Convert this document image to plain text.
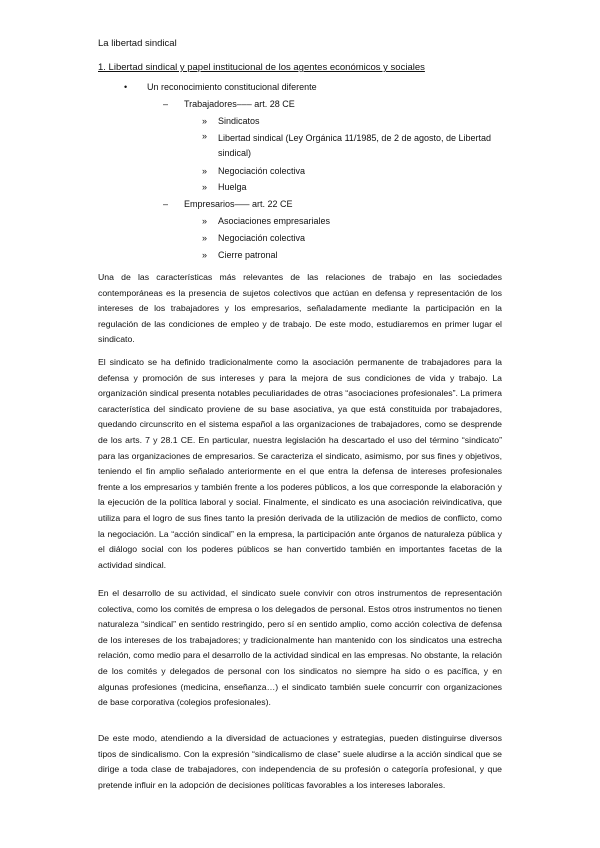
La libertad sindical
1. Libertad sindical y papel institucional de los agentes económicos y sociales
• Un reconocimiento constitucional diferente
– Trabajadores––– art. 28 CE
» Sindicatos
» Libertad sindical (Ley Orgánica 11/1985, de 2 de agosto, de Libertad sindical)
» Negociación colectiva
» Huelga
– Empresarios––– art. 22 CE
» Asociaciones empresariales
» Negociación colectiva
» Cierre patronal

Una de las características más relevantes de las relaciones de trabajo en las sociedades contemporáneas es la presencia de sujetos colectivos que actúan en defensa y representación de los intereses de los trabajadores y los empresarios, señaladamente mediante la participación en la regulación de las condiciones de empleo y de trabajo. De este modo, estudiaremos en primer lugar el sindicato.

El sindicato se ha definido tradicionalmente como la asociación permanente de trabajadores para la defensa y promoción de sus intereses y para la mejora de sus condiciones de vida y trabajo. La organización sindical presenta notables peculiaridades de otras “asociaciones profesionales”. La primera característica del sindicato proviene de su base asociativa, ya que está constituida por trabajadores, quedando circunscrito en el sistema español a las organizaciones de trabajadores, como se desprende de los arts. 7 y 28.1 CE. En particular, nuestra legislación ha descartado el uso del término “sindicato” para las organizaciones de empresarios. Se caracteriza el sindicato, asimismo, por sus fines y objetivos, teniendo el fin amplio señalado anteriormente en el que entra la defensa de intereses profesionales frente a los empresarios y también frente a los poderes públicos, a los que corresponde la elaboración y la ejecución de la política laboral y social. Finalmente, el sindicato es una asociación reivindicativa, que utiliza para el logro de sus fines tanto la presión derivada de la utilización de medios de conflicto, como la negociación. La “acción sindical” en la empresa, la participación ante órganos de naturaleza pública y el diálogo social con los poderes públicos se han convertido también en importantes facetas de la actividad sindical.

En el desarrollo de su actividad, el sindicato suele convivir con otros instrumentos de representación colectiva, como los comités de empresa o los delegados de personal. Estos otros instrumentos no tienen naturaleza “sindical” en sentido restringido, pero sí en sentido amplio, como acción colectiva de defensa de los intereses de los trabajadores; y tradicionalmente han mantenido con los sindicatos una estrecha relación, como medio para el desarrollo de la actividad sindical en las empresas. No obstante, la relación de los comités y delegados de personal con los sindicatos no siempre ha sido o es pacífica, y en algunas profesiones (medicina, enseñanza…) el sindicato también suele concurrir con organizaciones de base corporativa (colegios profesionales).

De este modo, atendiendo a la diversidad de actuaciones y estrategias, pueden distinguirse diversos tipos de sindicalismo. Con la expresión “sindicalismo de clase” suele aludirse a la acción sindical que se dirige a toda clase de trabajadores, con independencia de su profesión o categoría profesional, y que pretende influir en la adopción de decisiones políticas favorables a los intereses laborales.
